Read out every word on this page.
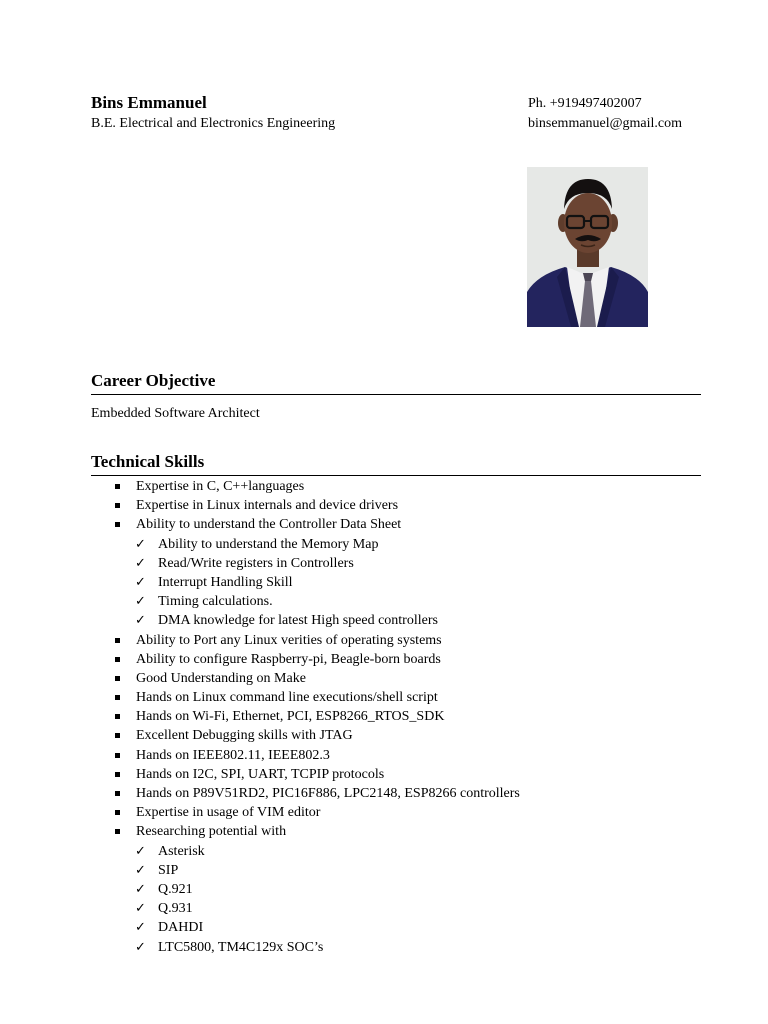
Bins Emmanuel
B.E. Electrical and Electronics Engineering
Ph. +919497402007
binsemmanuel@gmail.com
Career Objective
Embedded Software Architect
Technical Skills
Expertise in C, C++languages
Expertise in Linux internals and device drivers
Ability to understand the Controller Data Sheet
✓ Ability to understand the Memory Map
✓ Read/Write registers in Controllers
✓ Interrupt Handling Skill
✓ Timing calculations.
✓ DMA knowledge for latest High speed controllers
Ability to Port any Linux verities of operating systems
Ability to configure Raspberry-pi, Beagle-born boards
Good Understanding on Make
Hands on Linux command line executions/shell script
Hands on Wi-Fi, Ethernet, PCI, ESP8266_RTOS_SDK
Excellent Debugging skills with JTAG
Hands on IEEE802.11, IEEE802.3
Hands on I2C, SPI, UART, TCPIP protocols
Hands on P89V51RD2, PIC16F886, LPC2148, ESP8266 controllers
Expertise in usage of VIM editor
Researching potential with
✓ Asterisk
✓ SIP
✓ Q.921
✓ Q.931
✓ DAHDI
✓ LTC5800, TM4C129x SOC’s
